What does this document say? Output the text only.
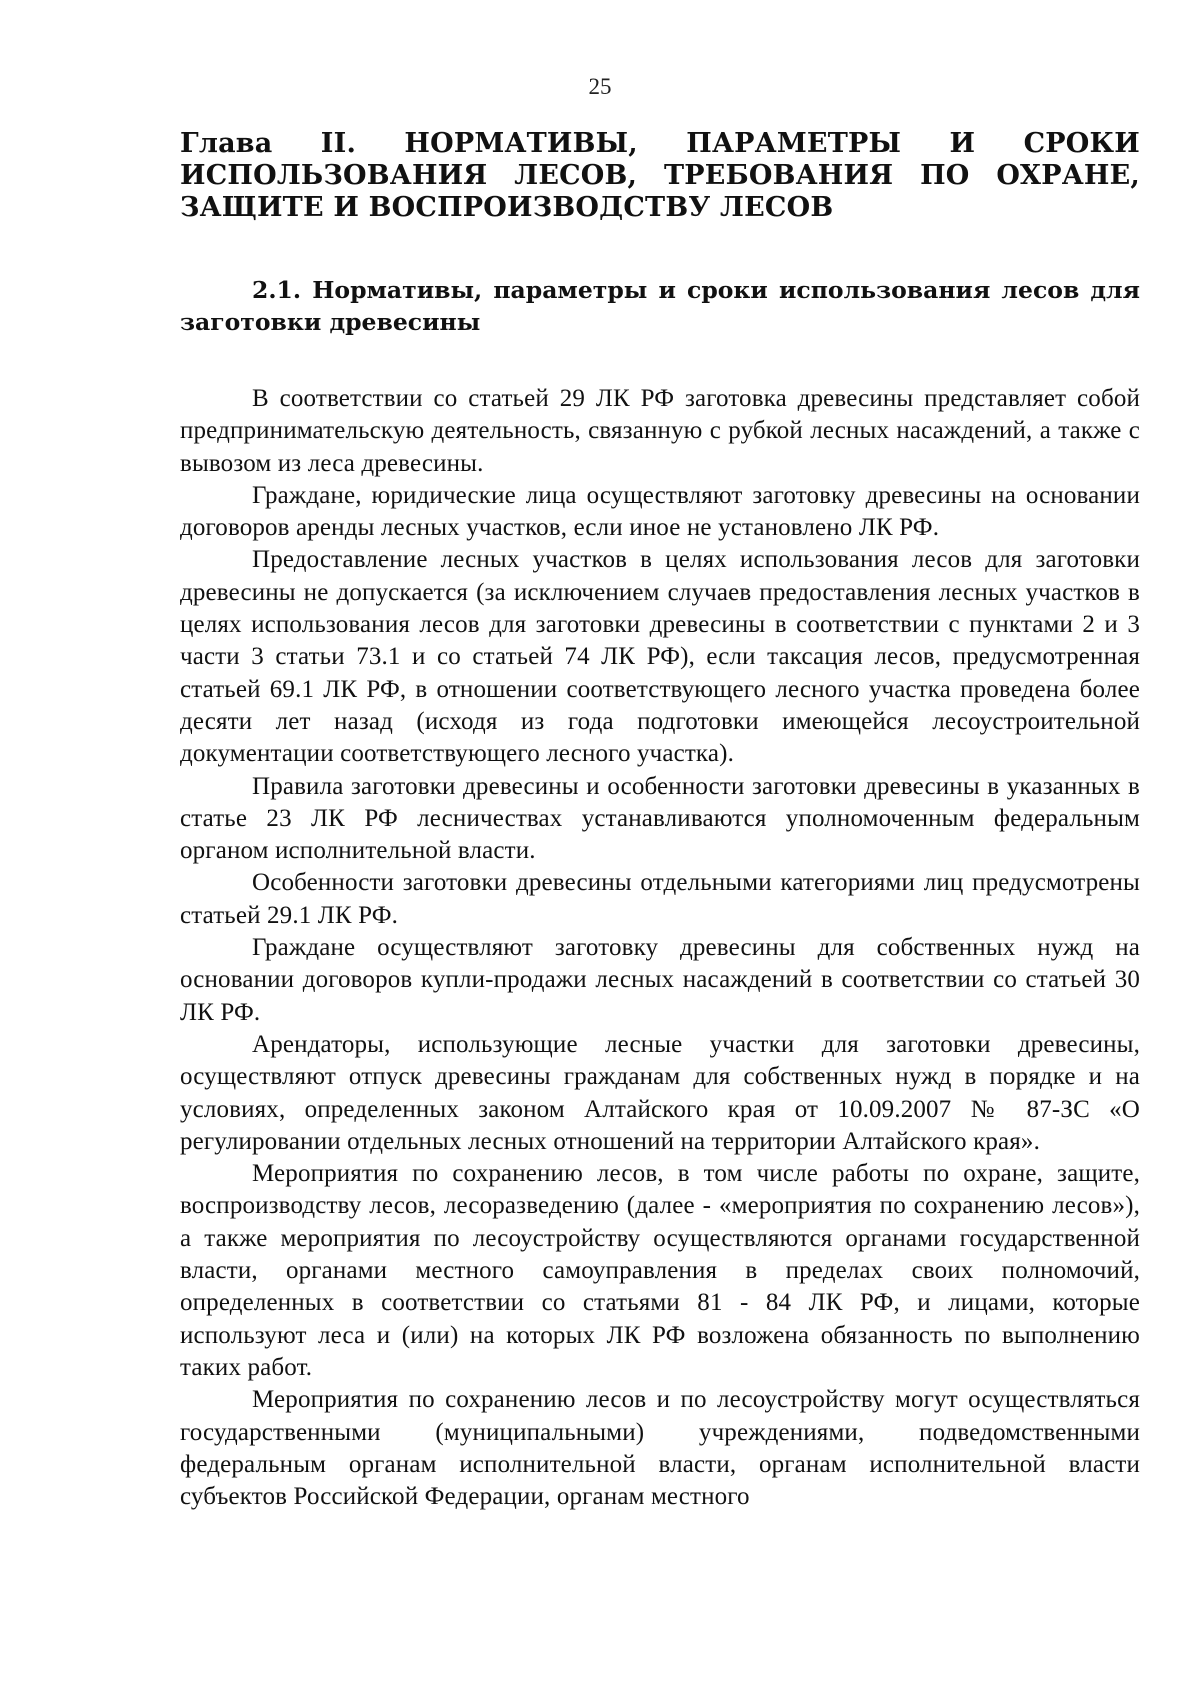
25
Глава II. НОРМАТИВЫ, ПАРАМЕТРЫ И СРОКИ
ИСПОЛЬЗОВАНИЯ ЛЕСОВ, ТРЕБОВАНИЯ ПО ОХРАНЕ, ЗАЩИТЕ И ВОСПРОИЗВОДСТВУ ЛЕСОВ
2.1. Нормативы, параметры и сроки использования лесов для заготовки древесины

В соответствии со статьей 29 ЛК РФ заготовка древесины представляет собой предпринимательскую деятельность, связанную с рубкой лесных насаждений, а также с вывозом из леса древесины.

Граждане, юридические лица осуществляют заготовку древесины на основании договоров аренды лесных участков, если иное не установлено ЛК РФ.

Предоставление лесных участков в целях использования лесов для заготовки древесины не допускается (за исключением случаев предоставления лесных участков в целях использования лесов для заготовки древесины в соответствии с пунктами 2 и 3 части 3 статьи 73.1 и со статьей 74 ЛК РФ), если таксация лесов, предусмотренная статьей 69.1 ЛК РФ, в отношении соответствующего лесного участка проведена более десяти лет назад (исходя из года подготовки имеющейся лесоустроительной документации соответствующего лесного участка).

Правила заготовки древесины и особенности заготовки древесины в указанных в статье 23 ЛК РФ лесничествах устанавливаются уполномоченным федеральным органом исполнительной власти.

Особенности заготовки древесины отдельными категориями лиц предусмотрены статьей 29.1 ЛК РФ.

Граждане осуществляют заготовку древесины для собственных нужд на основании договоров купли-продажи лесных насаждений в соответствии со статьей 30 ЛК РФ.

Арендаторы, использующие лесные участки для заготовки древесины, осуществляют отпуск древесины гражданам для собственных нужд в порядке и на условиях, определенных законом Алтайского края от 10.09.2007 № 87-ЗС «О регулировании отдельных лесных отношений на территории Алтайского края».

Мероприятия по сохранению лесов, в том числе работы по охране, защите, воспроизводству лесов, лесоразведению (далее - «мероприятия по сохранению лесов»), а также мероприятия по лесоустройству осуществляются органами государственной власти, органами местного самоуправления в пределах своих полномочий, определенных в соответствии со статьями 81 - 84 ЛК РФ, и лицами, которые используют леса и (или) на которых ЛК РФ возложена обязанность по выполнению таких работ.

Мероприятия по сохранению лесов и по лесоустройству могут осуществляться государственными (муниципальными) учреждениями, подведомственными федеральным органам исполнительной власти, органам исполнительной власти субъектов Российской Федерации, органам местного
